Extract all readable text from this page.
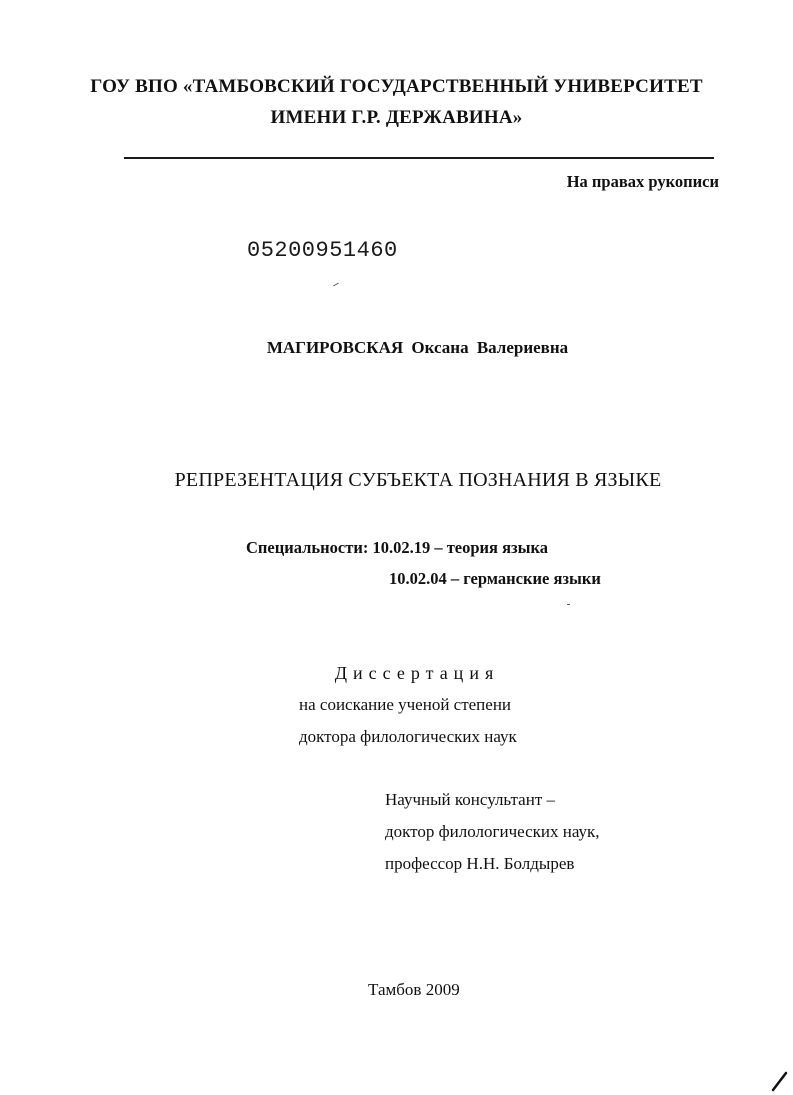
ГОУ ВПО «ТАМБОВСКИЙ ГОСУДАРСТВЕННЫЙ УНИВЕРСИТЕТ
ИМЕНИ Г.Р. ДЕРЖАВИНА»
На правах рукописи
05200951460
МАГИРОВСКАЯ Оксана Валериевна
РЕПРЕЗЕНТАЦИЯ СУБЪЕКТА ПОЗНАНИЯ В ЯЗЫКЕ
Специальности: 10.02.19 – теория языка
10.02.04 – германские языки
Диссертация
на соискание ученой степени
доктора филологических наук
Научный консультант –
доктор филологических наук,
профессор Н.Н. Болдырев
Тамбов 2009
